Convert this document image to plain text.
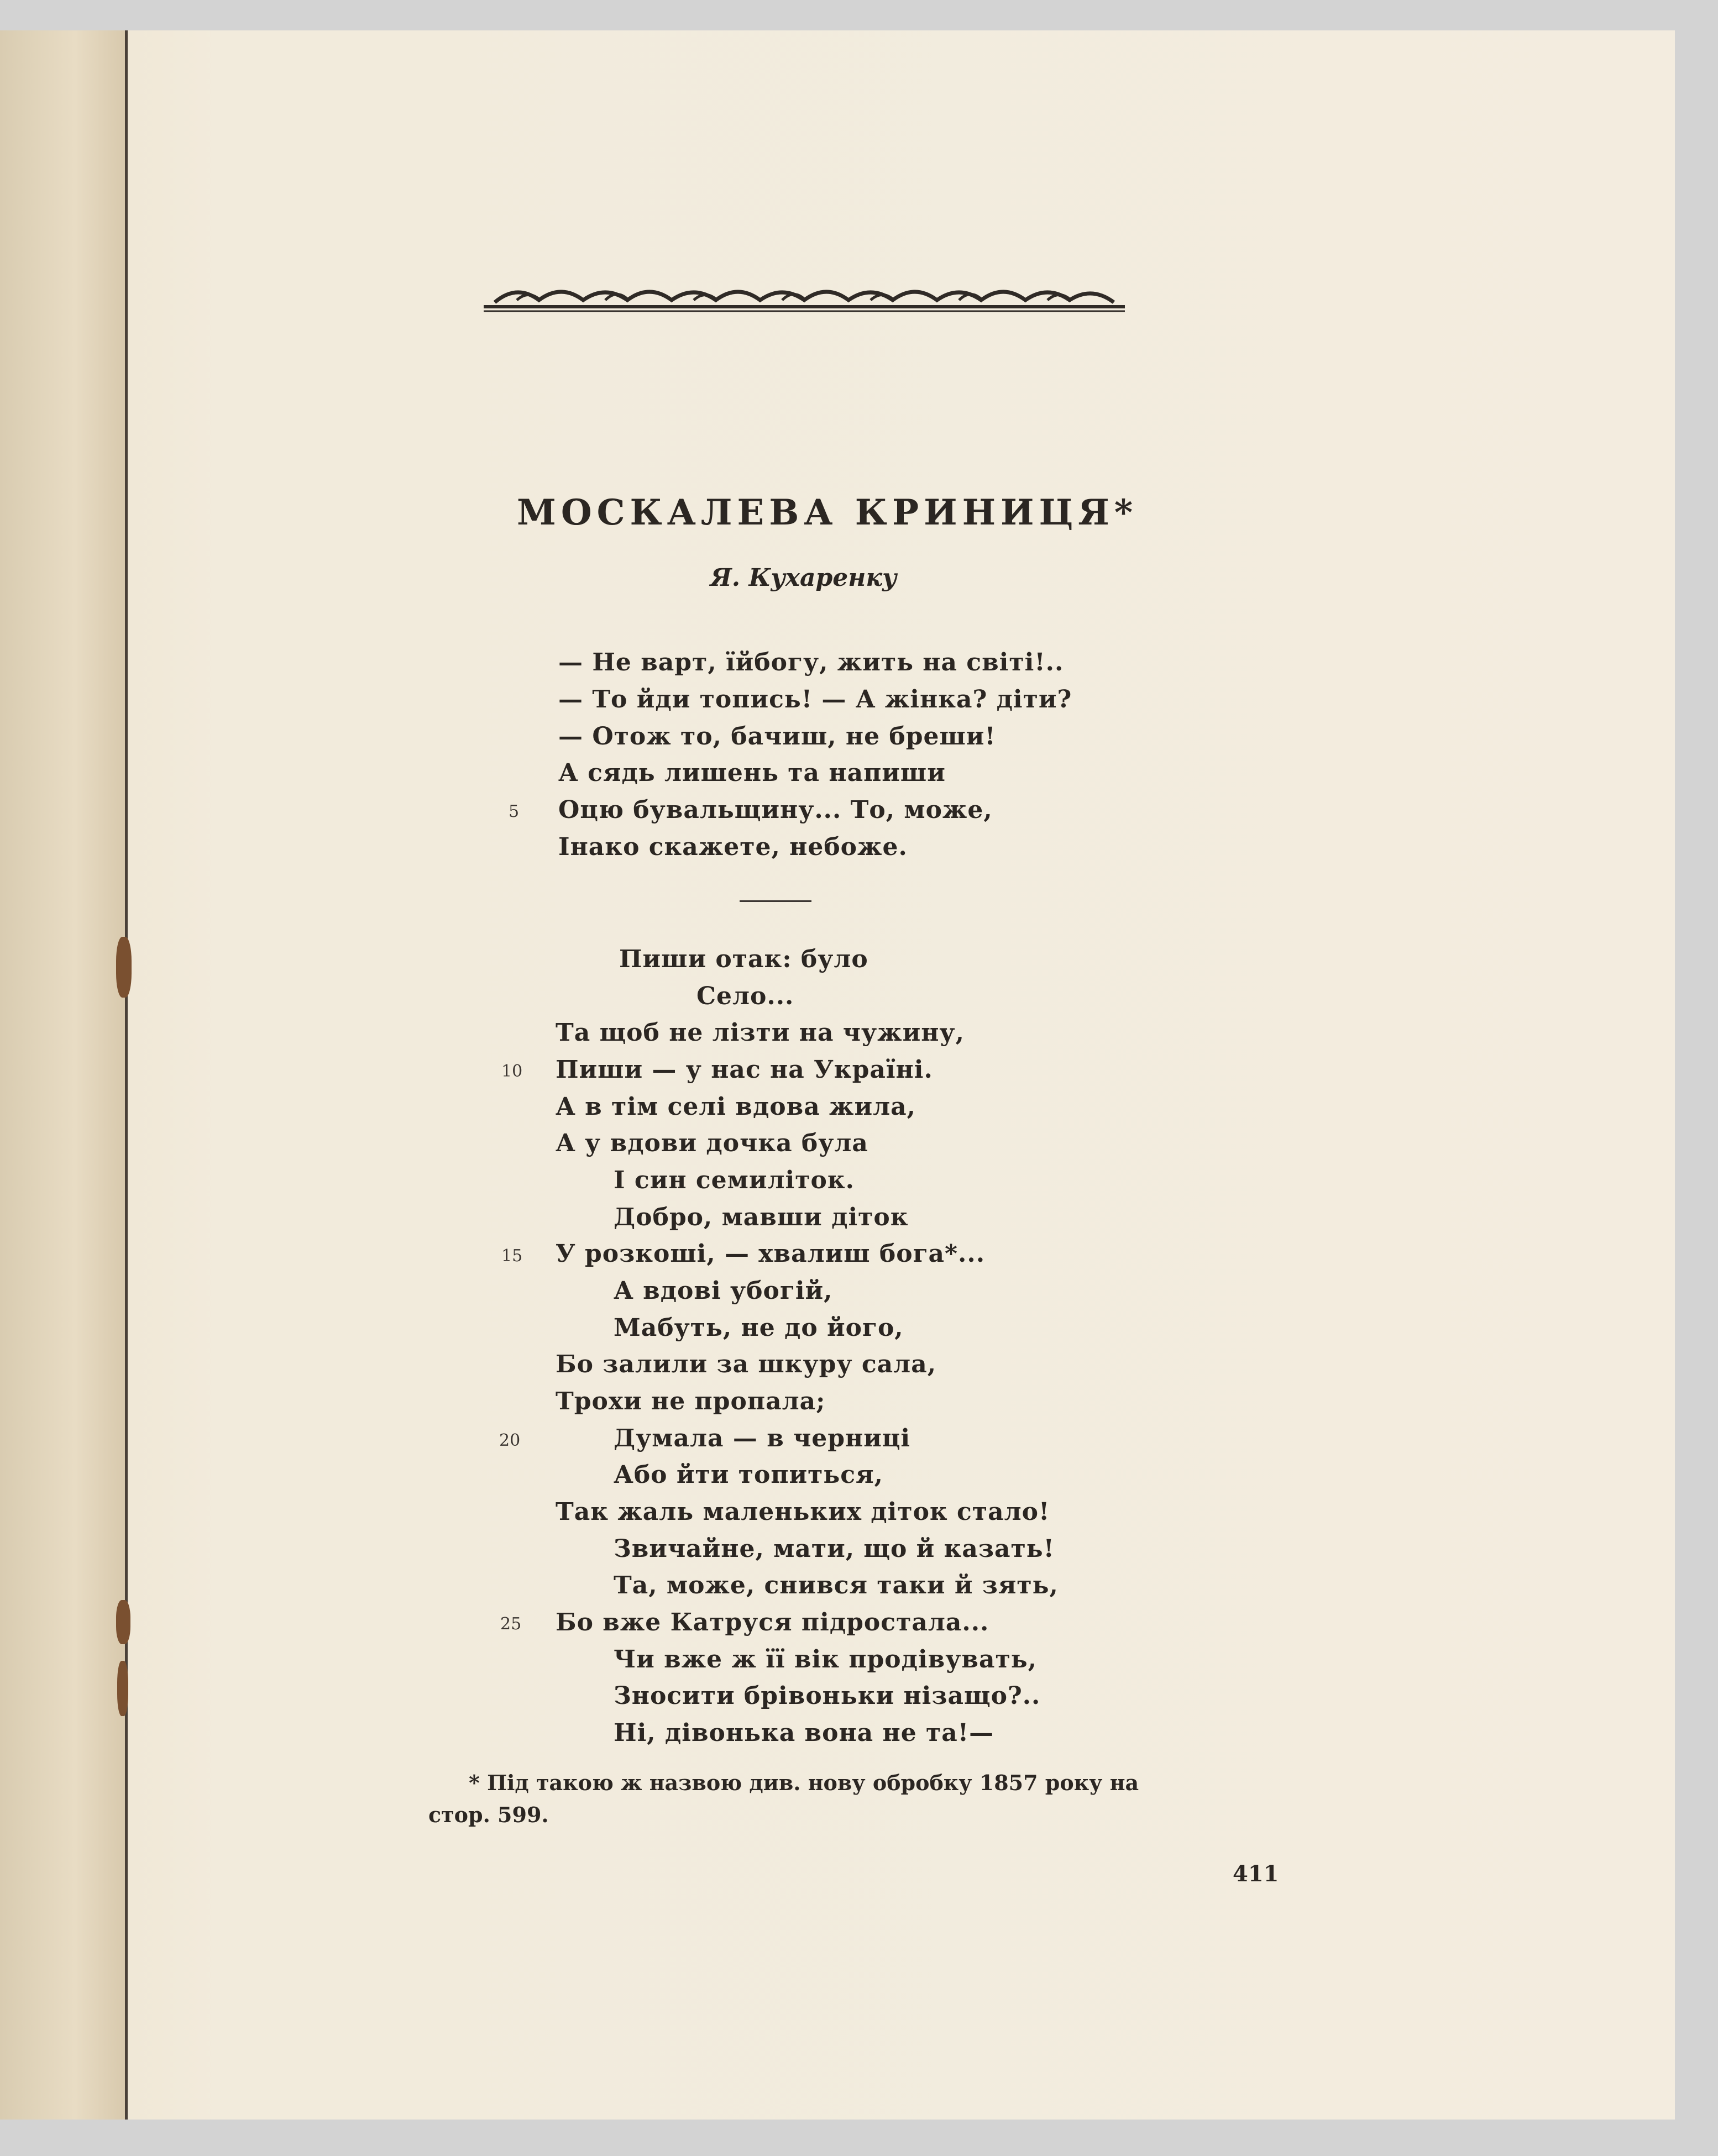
МОСКАЛЕВА КРИНИЦЯ*
Я. Кухаренку
— Не варт, їйбогу, жить на світі!..
— То йди топись! — А жінка? діти?
— Отож то, бачиш, не бреши!
А сядь лишень та напиши
5 Оцю бувальщину... То, може,
Інако скажете, небоже.
Пиши отак: було
Село...
Та щоб не лізти на чужину,
10 Пиши — у нас на Україні.
А в тім селі вдова жила,
А у вдови дочка була
І син семиліток.
Добро, мавши діток
15 У розкоші, — хвалиш бога*...
А вдові убогій,
Мабуть, не до його,
Бо залили за шкуру сала,
Трохи не пропала;
20	Думала — в черниці
Або йти топиться,
Так жаль маленьких діток стало!
Звичайне, мати, що й казать!
Та, може, снився таки й зять,
25 Бо вже Катруся підростала...
Чи вже ж її вік продівувать,
Зносити брівоньки нізащо?..
Ні, дівонька вона не та!—
* Під такою ж назвою див. нову обробку 1857 року на
стор. 599.
411
